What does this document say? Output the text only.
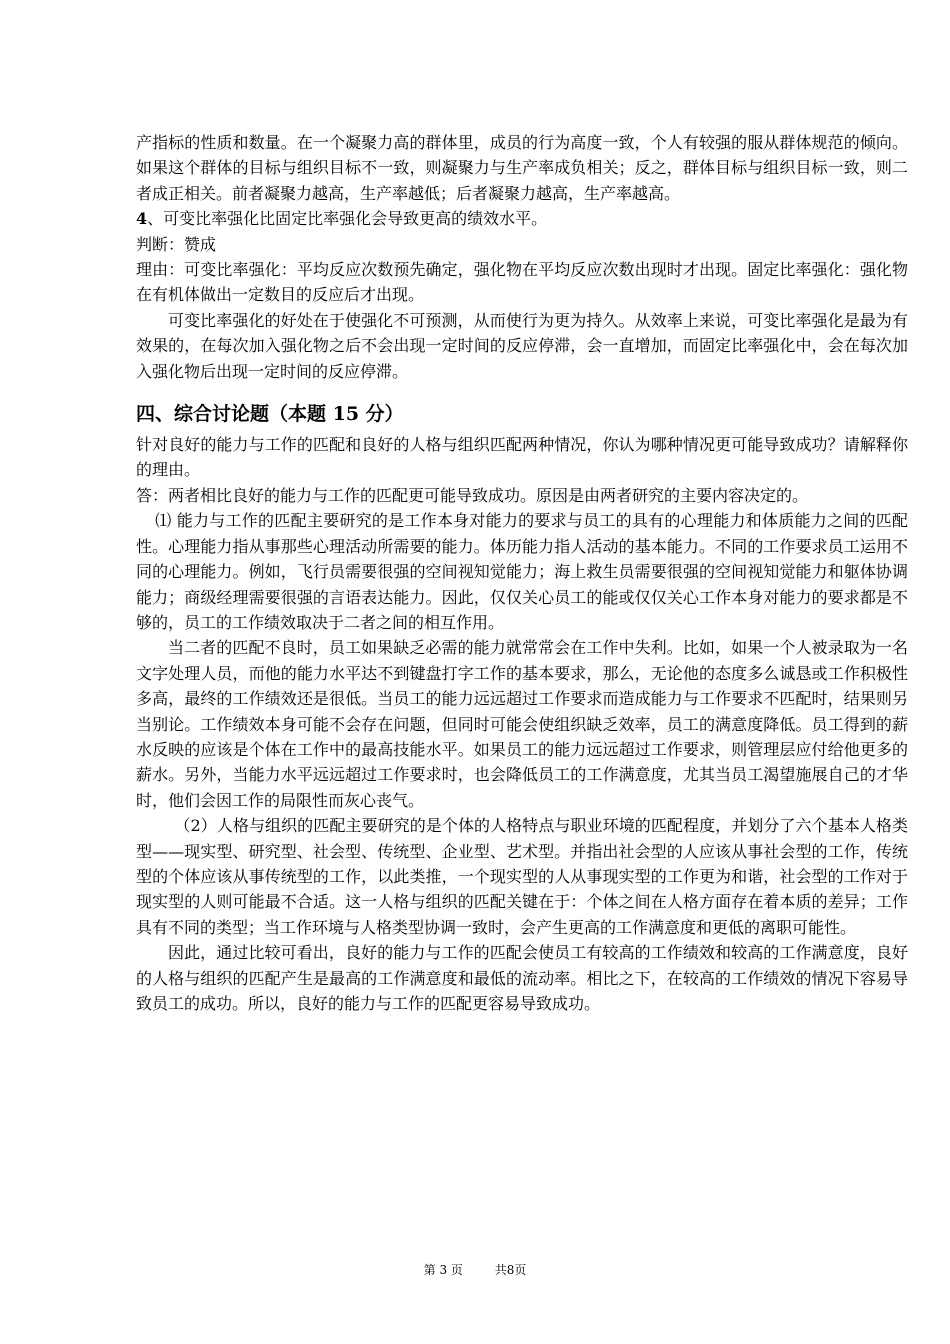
产指标的性质和数量。在一个凝聚力高的群体里，成员的行为高度一致，个人有较强的服从群体规范的倾向。如果这个群体的目标与组织目标不一致，则凝聚力与生产率成负相关；反之，群体目标与组织目标一致，则二者成正相关。前者凝聚力越高，生产率越低；后者凝聚力越高，生产率越高。

4、可变比率强化比固定比率强化会导致更高的绩效水平。

判断：赞成

理由：可变比率强化：平均反应次数预先确定，强化物在平均反应次数出现时才出现。固定比率强化：强化物在有机体做出一定数目的反应后才出现。

可变比率强化的好处在于使强化不可预测，从而使行为更为持久。从效率上来说，可变比率强化是最为有效果的，在每次加入强化物之后不会出现一定时间的反应停滞，会一直增加，而固定比率强化中，会在每次加入强化物后出现一定时间的反应停滞。

四、综合讨论题（本题 15 分）

针对良好的能力与工作的匹配和良好的人格与组织匹配两种情况，你认为哪种情况更可能导致成功？请解释你的理由。

答：两者相比良好的能力与工作的匹配更可能导致成功。原因是由两者研究的主要内容决定的。

⑴ 能力与工作的匹配主要研究的是工作本身对能力的要求与员工的具有的心理能力和体质能力之间的匹配性。心理能力指从事那些心理活动所需要的能力。体历能力指人活动的基本能力。不同的工作要求员工运用不同的心理能力。例如，飞行员需要很强的空间视知觉能力；海上救生员需要很强的空间视知觉能力和躯体协调能力；商级经理需要很强的言语表达能力。因此，仅仅关心员工的能或仅仅关心工作本身对能力的要求都是不够的，员工的工作绩效取决于二者之间的相互作用。

当二者的匹配不良时，员工如果缺乏必需的能力就常常会在工作中失利。比如，如果一个人被录取为一名文字处理人员，而他的能力水平达不到键盘打字工作的基本要求，那么，无论他的态度多么诚恳或工作积极性多高，最终的工作绩效还是很低。当员工的能力远远超过工作要求而造成能力与工作要求不匹配时，结果则另当别论。工作绩效本身可能不会存在问题，但同时可能会使组织缺乏效率，员工的满意度降低。员工得到的薪水反映的应该是个体在工作中的最高技能水平。如果员工的能力远远超过工作要求，则管理层应付给他更多的薪水。另外，当能力水平远远超过工作要求时，也会降低员工的工作满意度，尤其当员工渴望施展自己的才华时，他们会因工作的局限性而灰心丧气。

（2）人格与组织的匹配主要研究的是个体的人格特点与职业环境的匹配程度，并划分了六个基本人格类型——现实型、研究型、社会型、传统型、企业型、艺术型。并指出社会型的人应该从事社会型的工作，传统型的个体应该从事传统型的工作，以此类推，一个现实型的人从事现实型的工作更为和谐，社会型的工作对于现实型的人则可能最不合适。这一人格与组织的匹配关键在于：个体之间在人格方面存在着本质的差异；工作具有不同的类型；当工作环境与人格类型协调一致时，会产生更高的工作满意度和更低的离职可能性。

因此，通过比较可看出，良好的能力与工作的匹配会使员工有较高的工作绩效和较高的工作满意度，良好的人格与组织的匹配产生是最高的工作满意度和最低的流动率。相比之下，在较高的工作绩效的情况下容易导致员工的成功。所以，良好的能力与工作的匹配更容易导致成功。

第 3 页	共8页
